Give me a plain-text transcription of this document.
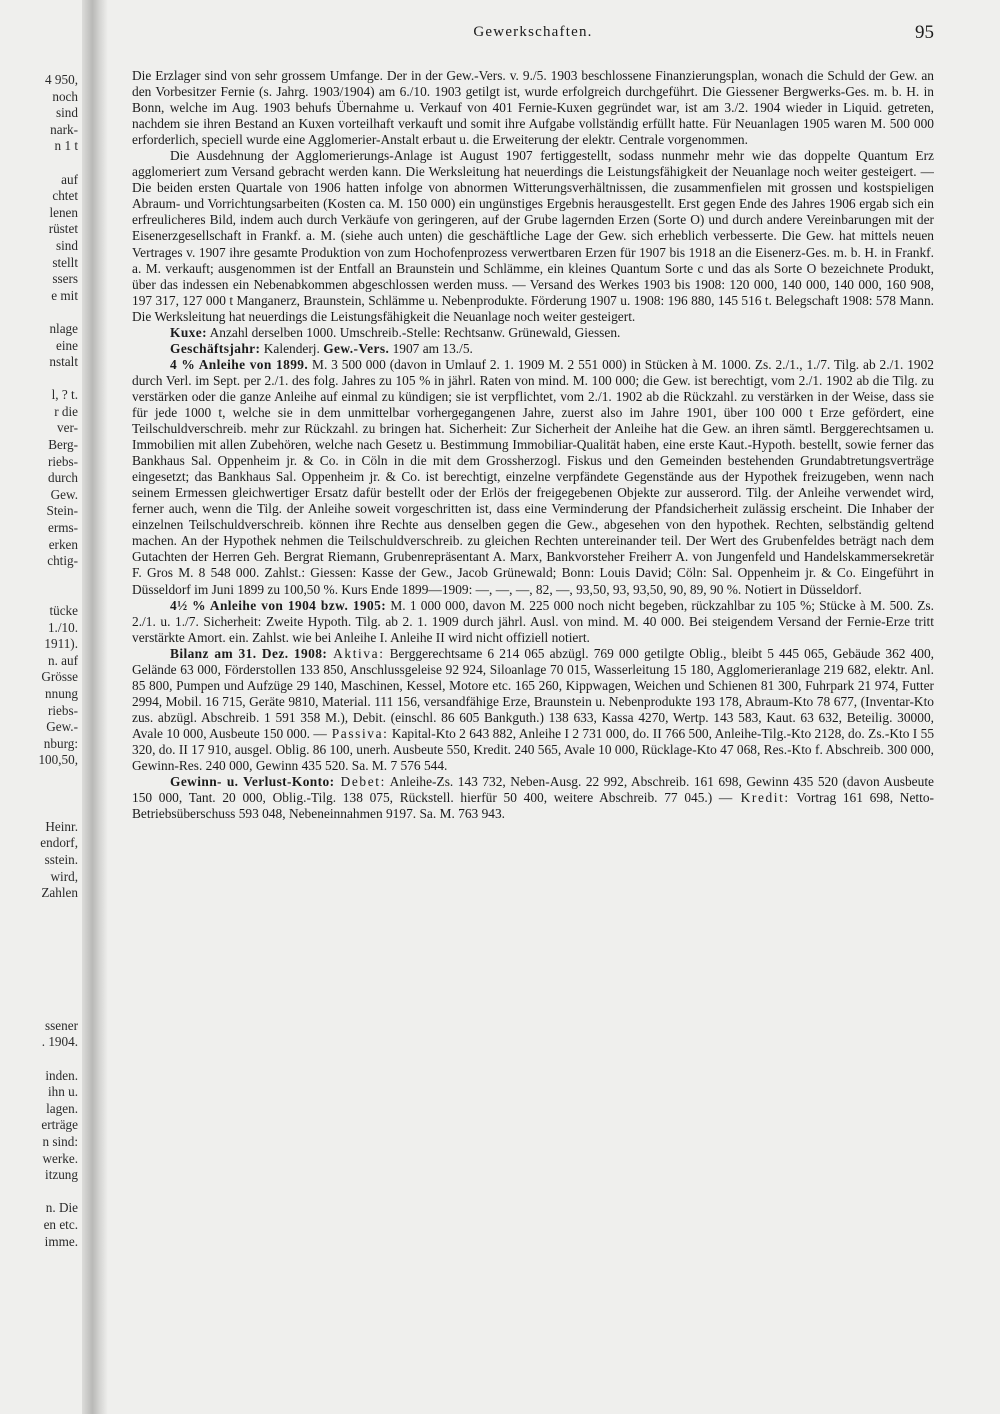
4 950,
noch
sind
nark-
n 1 t
auf
chtet
lenen
rüstet
sind
stellt
ssers
e mit
nlage
eine
nstalt
l, ? t.
r die
ver-
Berg-
riebs-
durch
Gew.
Stein-
erms-
erken
chtig-
tücke
1./10.
1911).
n. auf
Grösse
nnung
riebs-
Gew.-
nburg:
100,50,
Heinr.
endorf,
sstein.
wird,
Zahlen
ssener
. 1904.
inden.
ihn u.
lagen.
erträge
n sind:
werke.
itzung
n. Die
en etc.
imme.
Gewerkschaften.	95

Die Erzlager sind von sehr grossem Umfange. Der in der Gew.-Vers. v. 9./5. 1903 beschlossene Finanzierungsplan, wonach die Schuld der Gew. an den Vorbesitzer Fernie (s. Jahrg. 1903/1904) am 6./10. 1903 getilgt ist, wurde erfolgreich durchgeführt. Die Giessener Bergwerks-Ges. m. b. H. in Bonn, welche im Aug. 1903 behufs Übernahme u. Verkauf von 401 Fernie-Kuxen gegründet war, ist am 3./2. 1904 wieder in Liquid. getreten, nachdem sie ihren Bestand an Kuxen vorteilhaft verkauft und somit ihre Aufgabe vollständig erfüllt hatte. Für Neuanlagen 1905 waren M. 500 000 erforderlich, speciell wurde eine Agglomerier-Anstalt erbaut u. die Erweiterung der elektr. Centrale vorgenommen.

Die Ausdehnung der Agglomerierungs-Anlage ist August 1907 fertiggestellt, sodass nunmehr mehr wie das doppelte Quantum Erz agglomeriert zum Versand gebracht werden kann. Die Werksleitung hat neuerdings die Leistungsfähigkeit der Neuanlage noch weiter gesteigert. — Die beiden ersten Quartale von 1906 hatten infolge von abnormen Witterungsverhältnissen, die zusammenfielen mit grossen und kostspieligen Abraum- und Vorrichtungsarbeiten (Kosten ca. M. 150 000) ein ungünstiges Ergebnis herausgestellt. Erst gegen Ende des Jahres 1906 ergab sich ein erfreulicheres Bild, indem auch durch Verkäufe von geringeren, auf der Grube lagernden Erzen (Sorte O) und durch andere Vereinbarungen mit der Eisenerzgesellschaft in Frankf. a. M. (siehe auch unten) die geschäftliche Lage der Gew. sich erheblich verbesserte. Die Gew. hat mittels neuen Vertrages v. 1907 ihre gesamte Produktion von zum Hochofenprozess verwertbaren Erzen für 1907 bis 1918 an die Eisenerz-Ges. m. b. H. in Frankf. a. M. verkauft; ausgenommen ist der Entfall an Braunstein und Schlämme, ein kleines Quantum Sorte c und das als Sorte O bezeichnete Produkt, über das indessen ein Nebenabkommen abgeschlossen werden muss. — Versand des Werkes 1903 bis 1908: 120 000, 140 000, 140 000, 160 908, 197 317, 127 000 t Manganerz, Braunstein, Schlämme u. Nebenprodukte. Förderung 1907 u. 1908: 196 880, 145 516 t. Belegschaft 1908: 578 Mann. Die Werksleitung hat neuerdings die Leistungsfähigkeit die Neuanlage noch weiter gesteigert.

Kuxe: Anzahl derselben 1000. Umschreib.-Stelle: Rechtsanw. Grünewald, Giessen.

Geschäftsjahr: Kalenderj. Gew.-Vers. 1907 am 13./5.

4 % Anleihe von 1899. M. 3 500 000 (davon in Umlauf 2. 1. 1909 M. 2 551 000) in Stücken à M. 1000. Zs. 2./1., 1./7. Tilg. ab 2./1. 1902 durch Verl. im Sept. per 2./1. des folg. Jahres zu 105 % in jährl. Raten von mind. M. 100 000; die Gew. ist berechtigt, vom 2./1. 1902 ab die Tilg. zu verstärken oder die ganze Anleihe auf einmal zu kündigen; sie ist verpflichtet, vom 2./1. 1902 ab die Rückzahl. zu verstärken in der Weise, dass sie für jede 1000 t, welche sie in dem unmittelbar vorhergegangenen Jahre, zuerst also im Jahre 1901, über 100 000 t Erze gefördert, eine Teilschuldverschreib. mehr zur Rückzahl. zu bringen hat. Sicherheit: Zur Sicherheit der Anleihe hat die Gew. an ihren sämtl. Berggerechtsamen u. Immobilien mit allen Zubehören, welche nach Gesetz u. Bestimmung Immobiliar-Qualität haben, eine erste Kaut.-Hypoth. bestellt, sowie ferner das Bankhaus Sal. Oppenheim jr. & Co. in Cöln in die mit dem Grossherzogl. Fiskus und den Gemeinden bestehenden Grundabtretungsverträge eingesetzt; das Bankhaus Sal. Oppenheim jr. & Co. ist berechtigt, einzelne verpfändete Gegenstände aus der Hypothek freizugeben, wenn nach seinem Ermessen gleichwertiger Ersatz dafür bestellt oder der Erlös der freigegebenen Objekte zur ausserord. Tilg. der Anleihe verwendet wird, ferner auch, wenn die Tilg. der Anleihe soweit vorgeschritten ist, dass eine Verminderung der Pfandsicherheit zulässig erscheint. Die Inhaber der einzelnen Teilschuldverschreib. können ihre Rechte aus denselben gegen die Gew., abgesehen von den hypothek. Rechten, selbständig geltend machen. An der Hypothek nehmen die Teilschuldverschreib. zu gleichen Rechten untereinander teil. Der Wert des Grubenfeldes beträgt nach dem Gutachten der Herren Geh. Bergrat Riemann, Grubenrepräsentant A. Marx, Bankvorsteher Freiherr A. von Jungenfeld und Handelskammersekretär F. Gros M. 8 548 000. Zahlst.: Giessen: Kasse der Gew., Jacob Grünewald; Bonn: Louis David; Cöln: Sal. Oppenheim jr. & Co. Eingeführt in Düsseldorf im Juni 1899 zu 100,50 %. Kurs Ende 1899—1909: —, —, —, 82, —, 93,50, 93, 93,50, 90, 89, 90 %. Notiert in Düsseldorf.

4½ % Anleihe von 1904 bzw. 1905: M. 1 000 000, davon M. 225 000 noch nicht begeben, rückzahlbar zu 105 %; Stücke à M. 500. Zs. 2./1. u. 1./7. Sicherheit: Zweite Hypoth. Tilg. ab 2. 1. 1909 durch jährl. Ausl. von mind. M. 40 000. Bei steigendem Versand der Fernie-Erze tritt verstärkte Amort. ein. Zahlst. wie bei Anleihe I. Anleihe II wird nicht offiziell notiert.

Bilanz am 31. Dez. 1908: Aktiva: Berggerechtsame 6 214 065 abzügl. 769 000 getilgte Oblig., bleibt 5 445 065, Gebäude 362 400, Gelände 63 000, Förderstollen 133 850, Anschlussgeleise 92 924, Siloanlage 70 015, Wasserleitung 15 180, Agglomerieranlage 219 682, elektr. Anl. 85 800, Pumpen und Aufzüge 29 140, Maschinen, Kessel, Motore etc. 165 260, Kippwagen, Weichen und Schienen 81 300, Fuhrpark 21 974, Futter 2994, Mobil. 16 715, Geräte 9810, Material. 111 156, versandfähige Erze, Braunstein u. Nebenprodukte 193 178, Abraum-Kto 78 677, (Inventar-Kto zus. abzügl. Abschreib. 1 591 358 M.), Debit. (einschl. 86 605 Bankguth.) 138 633, Kassa 4270, Wertp. 143 583, Kaut. 63 632, Beteilig. 30000, Avale 10 000, Ausbeute 150 000. — Passiva: Kapital-Kto 2 643 882, Anleihe I 2 731 000, do. II 766 500, Anleihe-Tilg.-Kto 2128, do. Zs.-Kto I 55 320, do. II 17 910, ausgel. Oblig. 86 100, unerh. Ausbeute 550, Kredit. 240 565, Avale 10 000, Rücklage-Kto 47 068, Res.-Kto f. Abschreib. 300 000, Gewinn-Res. 240 000, Gewinn 435 520. Sa. M. 7 576 544.

Gewinn- u. Verlust-Konto: Debet: Anleihe-Zs. 143 732, Neben-Ausg. 22 992, Abschreib. 161 698, Gewinn 435 520 (davon Ausbeute 150 000, Tant. 20 000, Oblig.-Tilg. 138 075, Rückstell. hierfür 50 400, weitere Abschreib. 77 045.) — Kredit: Vortrag 161 698, Netto-Betriebsüberschuss 593 048, Nebeneinnahmen 9197. Sa. M. 763 943.
